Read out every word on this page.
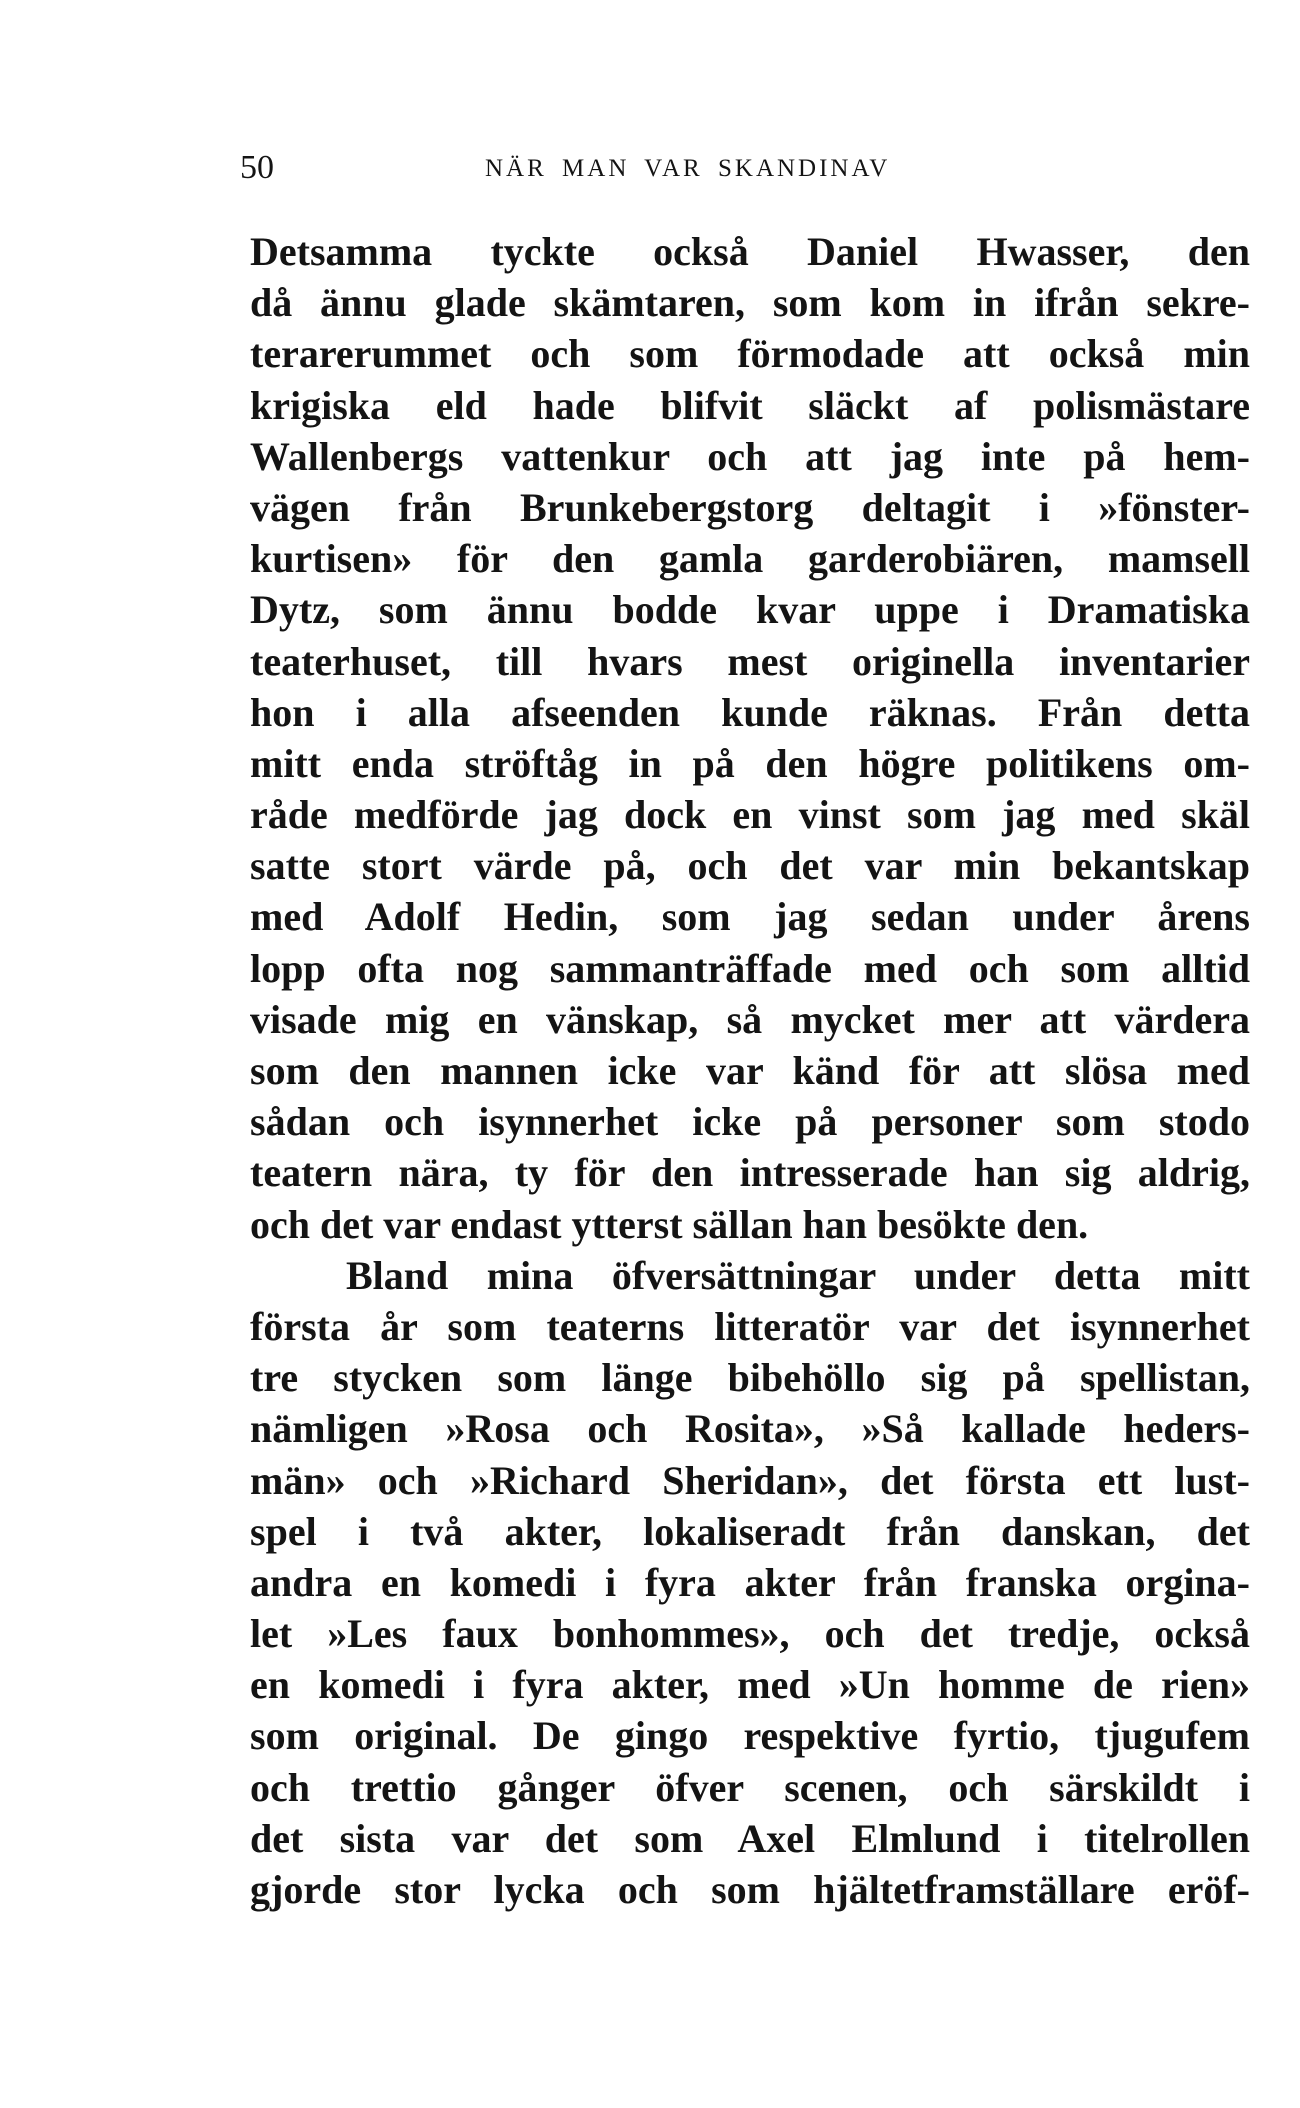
50	NÄR MAN VAR SKANDINAV
Detsamma tyckte också Daniel Hwasser, den
då ännu glade skämtaren, som kom in ifrån sekre-
terarerummet och som förmodade att också min
krigiska eld hade blifvit släckt af polismästare
Wallenbergs vattenkur och att jag inte på hem-
vägen från Brunkebergstorg deltagit i »fönster-
kurtisen» för den gamla garderobiären, mamsell
Dytz, som ännu bodde kvar uppe i Dramatiska
teaterhuset, till hvars mest originella inventarier
hon i alla afseenden kunde räknas. Från detta
mitt enda ströftåg in på den högre politikens om-
råde medförde jag dock en vinst som jag med skäl
satte stort värde på, och det var min bekantskap
med Adolf Hedin, som jag sedan under årens
lopp ofta nog sammanträffade med och som alltid
visade mig en vänskap, så mycket mer att värdera
som den mannen icke var känd för att slösa med
sådan och isynnerhet icke på personer som stodo
teatern nära, ty för den intresserade han sig aldrig,
och det var endast ytterst sällan han besökte den.
Bland mina öfversättningar under detta mitt
första år som teaterns litteratör var det isynnerhet
tre stycken som länge bibehöllo sig på spellistan,
nämligen »Rosa och Rosita», »Så kallade heders-
män» och »Richard Sheridan», det första ett lust-
spel i två akter, lokaliseradt från danskan, det
andra en komedi i fyra akter från franska orgina-
let »Les faux bonhommes», och det tredje, också
en komedi i fyra akter, med »Un homme de rien»
som original. De gingo respektive fyrtio, tjugufem
och trettio gånger öfver scenen, och särskildt i
det sista var det som Axel Elmlund i titelrollen
gjorde stor lycka och som hjältetframställare eröf-
